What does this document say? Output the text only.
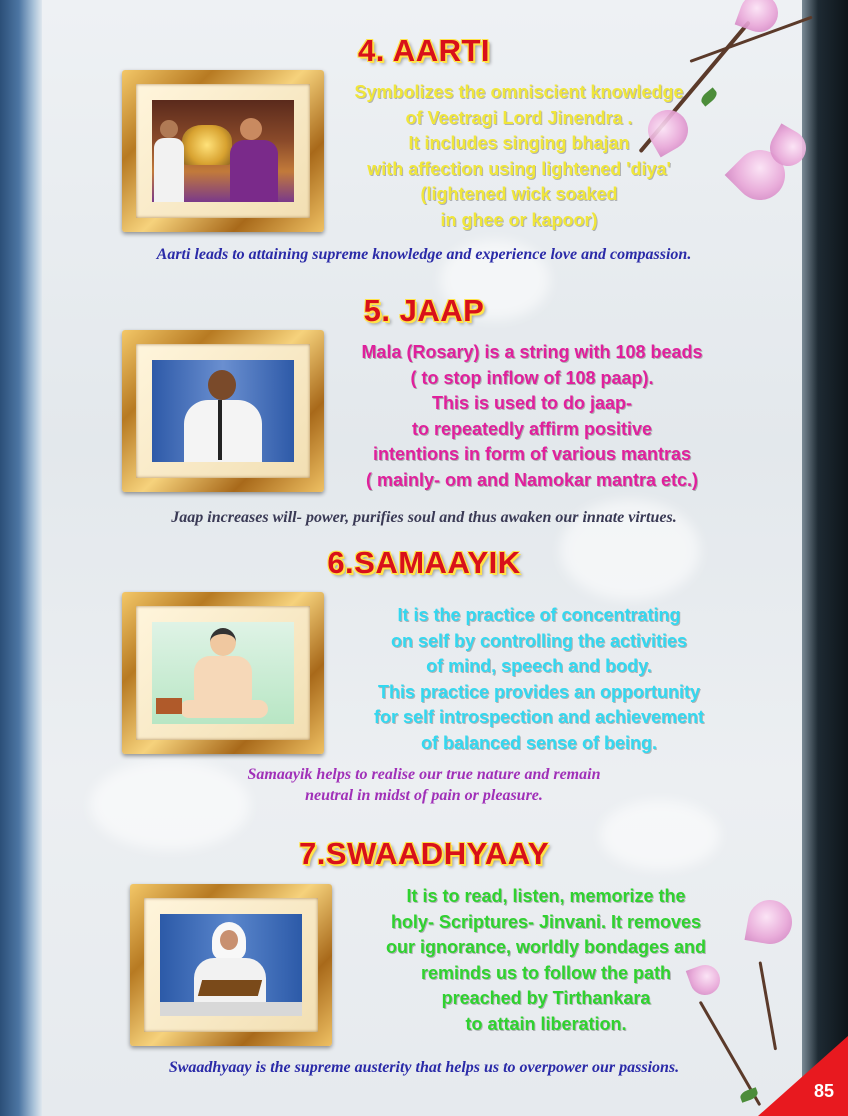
4. AARTI
Symbolizes the omniscient knowledge
of Veetragi Lord Jinendra .
It includes singing bhajan
with affection using lightened 'diya'
(lightened wick soaked
in ghee or kapoor)
Aarti leads to attaining supreme knowledge and experience love and compassion.
5. JAAP
Mala (Rosary) is a string with 108 beads
( to stop inflow of 108 paap).
This is used to do jaap-
to repeatedly affirm positive
intentions in form of various mantras
( mainly- om and Namokar mantra etc.)
Jaap increases will- power, purifies soul and thus awaken our innate virtues.
6.SAMAAYIK
It is the practice of concentrating
on self by controlling the activities
of mind, speech and body.
This practice provides an opportunity
for self introspection and achievement
of balanced sense of being.
Samaayik helps to realise our true nature and remain
neutral in midst of pain or pleasure.
7.SWAADHYAAY
It is to read, listen, memorize the
holy- Scriptures- Jinvani. It removes
our ignorance, worldly bondages and
reminds us to follow the path
preached by Tirthankara
to attain liberation.
Swaadhyaay is the supreme austerity that helps us to overpower our passions.
85
